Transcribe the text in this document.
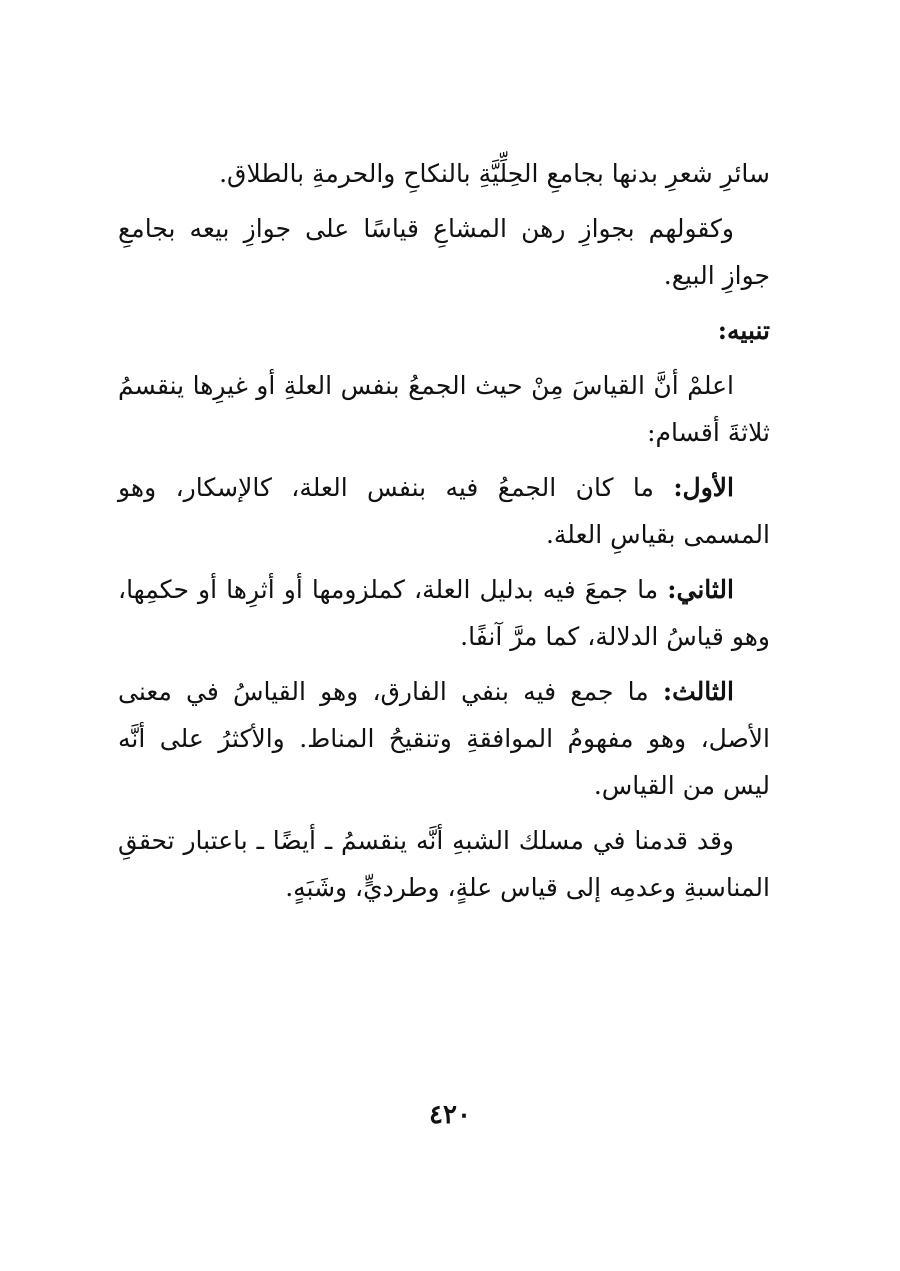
سائرِ شعرِ بدنها بجامعِ الحِلِّيَّةِ بالنكاحِ والحرمةِ بالطلاق.

وكقولهم بجوازِ رهن المشاعِ قياسًا على جوازِ بيعه بجامعِ جوازِ البيع.

تنبيه:

اعلمْ أنَّ القياسَ مِنْ حيث الجمعُ بنفس العلةِ أو غيرِها ينقسمُ ثلاثةَ أقسام:

الأول: ما كان الجمعُ فيه بنفس العلة، كالإسكار، وهو المسمى بقياسِ العلة.

الثاني: ما جمعَ فيه بدليل العلة، كملزومها أو أثرِها أو حكمِها، وهو قياسُ الدلالة، كما مرَّ آنفًا.

الثالث: ما جمع فيه بنفي الفارق، وهو القياسُ في معنى الأصل، وهو مفهومُ الموافقةِ وتنقيحُ المناط. والأكثرُ على أنَّه ليس من القياس.

وقد قدمنا في مسلك الشبهِ أنَّه ينقسمُ ـ أيضًا ـ باعتبار تحققِ المناسبةِ وعدمِه إلى قياس علةٍ، وطرديٍّ، وشَبَهٍ.

٤٢٠
